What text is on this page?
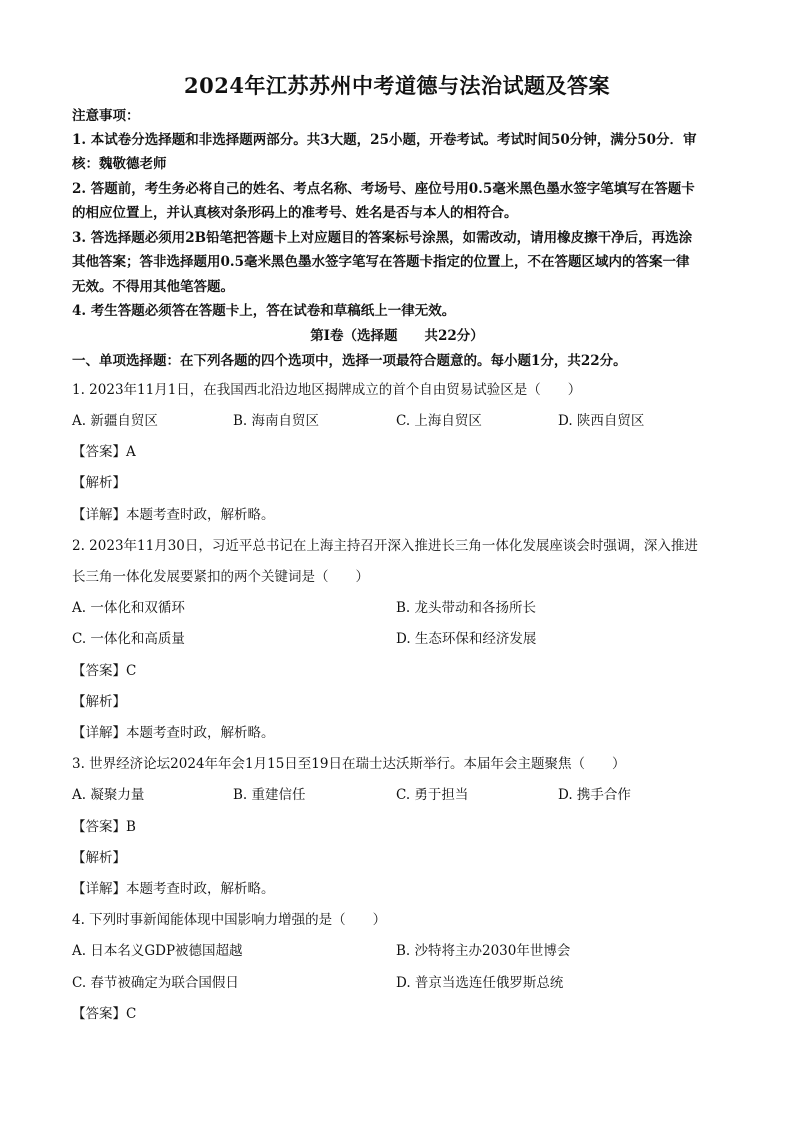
2024年江苏苏州中考道德与法治试题及答案
注意事项：
1. 本试卷分选择题和非选择题两部分。共3大题，25小题，开卷考试。考试时间50分钟，满分50分．审
核：魏敬德老师
2. 答题前，考生务必将自己的姓名、考点名称、考场号、座位号用0.5毫米黑色墨水签字笔填写在答题卡
的相应位置上，并认真核对条形码上的准考号、姓名是否与本人的相符合。
3. 答选择题必须用2B铅笔把答题卡上对应题目的答案标号涂黑，如需改动，请用橡皮擦干净后，再选涂
其他答案；答非选择题用0.5毫米黑色墨水签字笔写在答题卡指定的位置上，不在答题区域内的答案一律
无效。不得用其他笔答题。
4. 考生答题必须答在答题卡上，答在试卷和草稿纸上一律无效。
第Ⅰ卷（选择题　　共22分）
一、单项选择题：在下列各题的四个选项中，选择一项最符合题意的。每小题1分，共22分。
1. 2023年11月1日，在我国西北沿边地区揭牌成立的首个自由贸易试验区是（　　）
A. 新疆自贸区	B. 海南自贸区	C. 上海自贸区	D. 陕西自贸区
【答案】A
【解析】
【详解】本题考查时政，解析略。
2. 2023年11月30日，习近平总书记在上海主持召开深入推进长三角一体化发展座谈会时强调，深入推进
长三角一体化发展要紧扣的两个关键词是（　　）
A. 一体化和双循环	B. 龙头带动和各扬所长
C. 一体化和高质量	D. 生态环保和经济发展
【答案】C
【解析】
【详解】本题考查时政，解析略。
3. 世界经济论坛2024年年会1月15日至19日在瑞士达沃斯举行。本届年会主题聚焦（　　）
A. 凝聚力量	B. 重建信任	C. 勇于担当	D. 携手合作
【答案】B
【解析】
【详解】本题考查时政，解析略。
4. 下列时事新闻能体现中国影响力增强的是（　　）
A. 日本名义GDP被德国超越	B. 沙特将主办2030年世博会
C. 春节被确定为联合国假日	D. 普京当选连任俄罗斯总统
【答案】C
